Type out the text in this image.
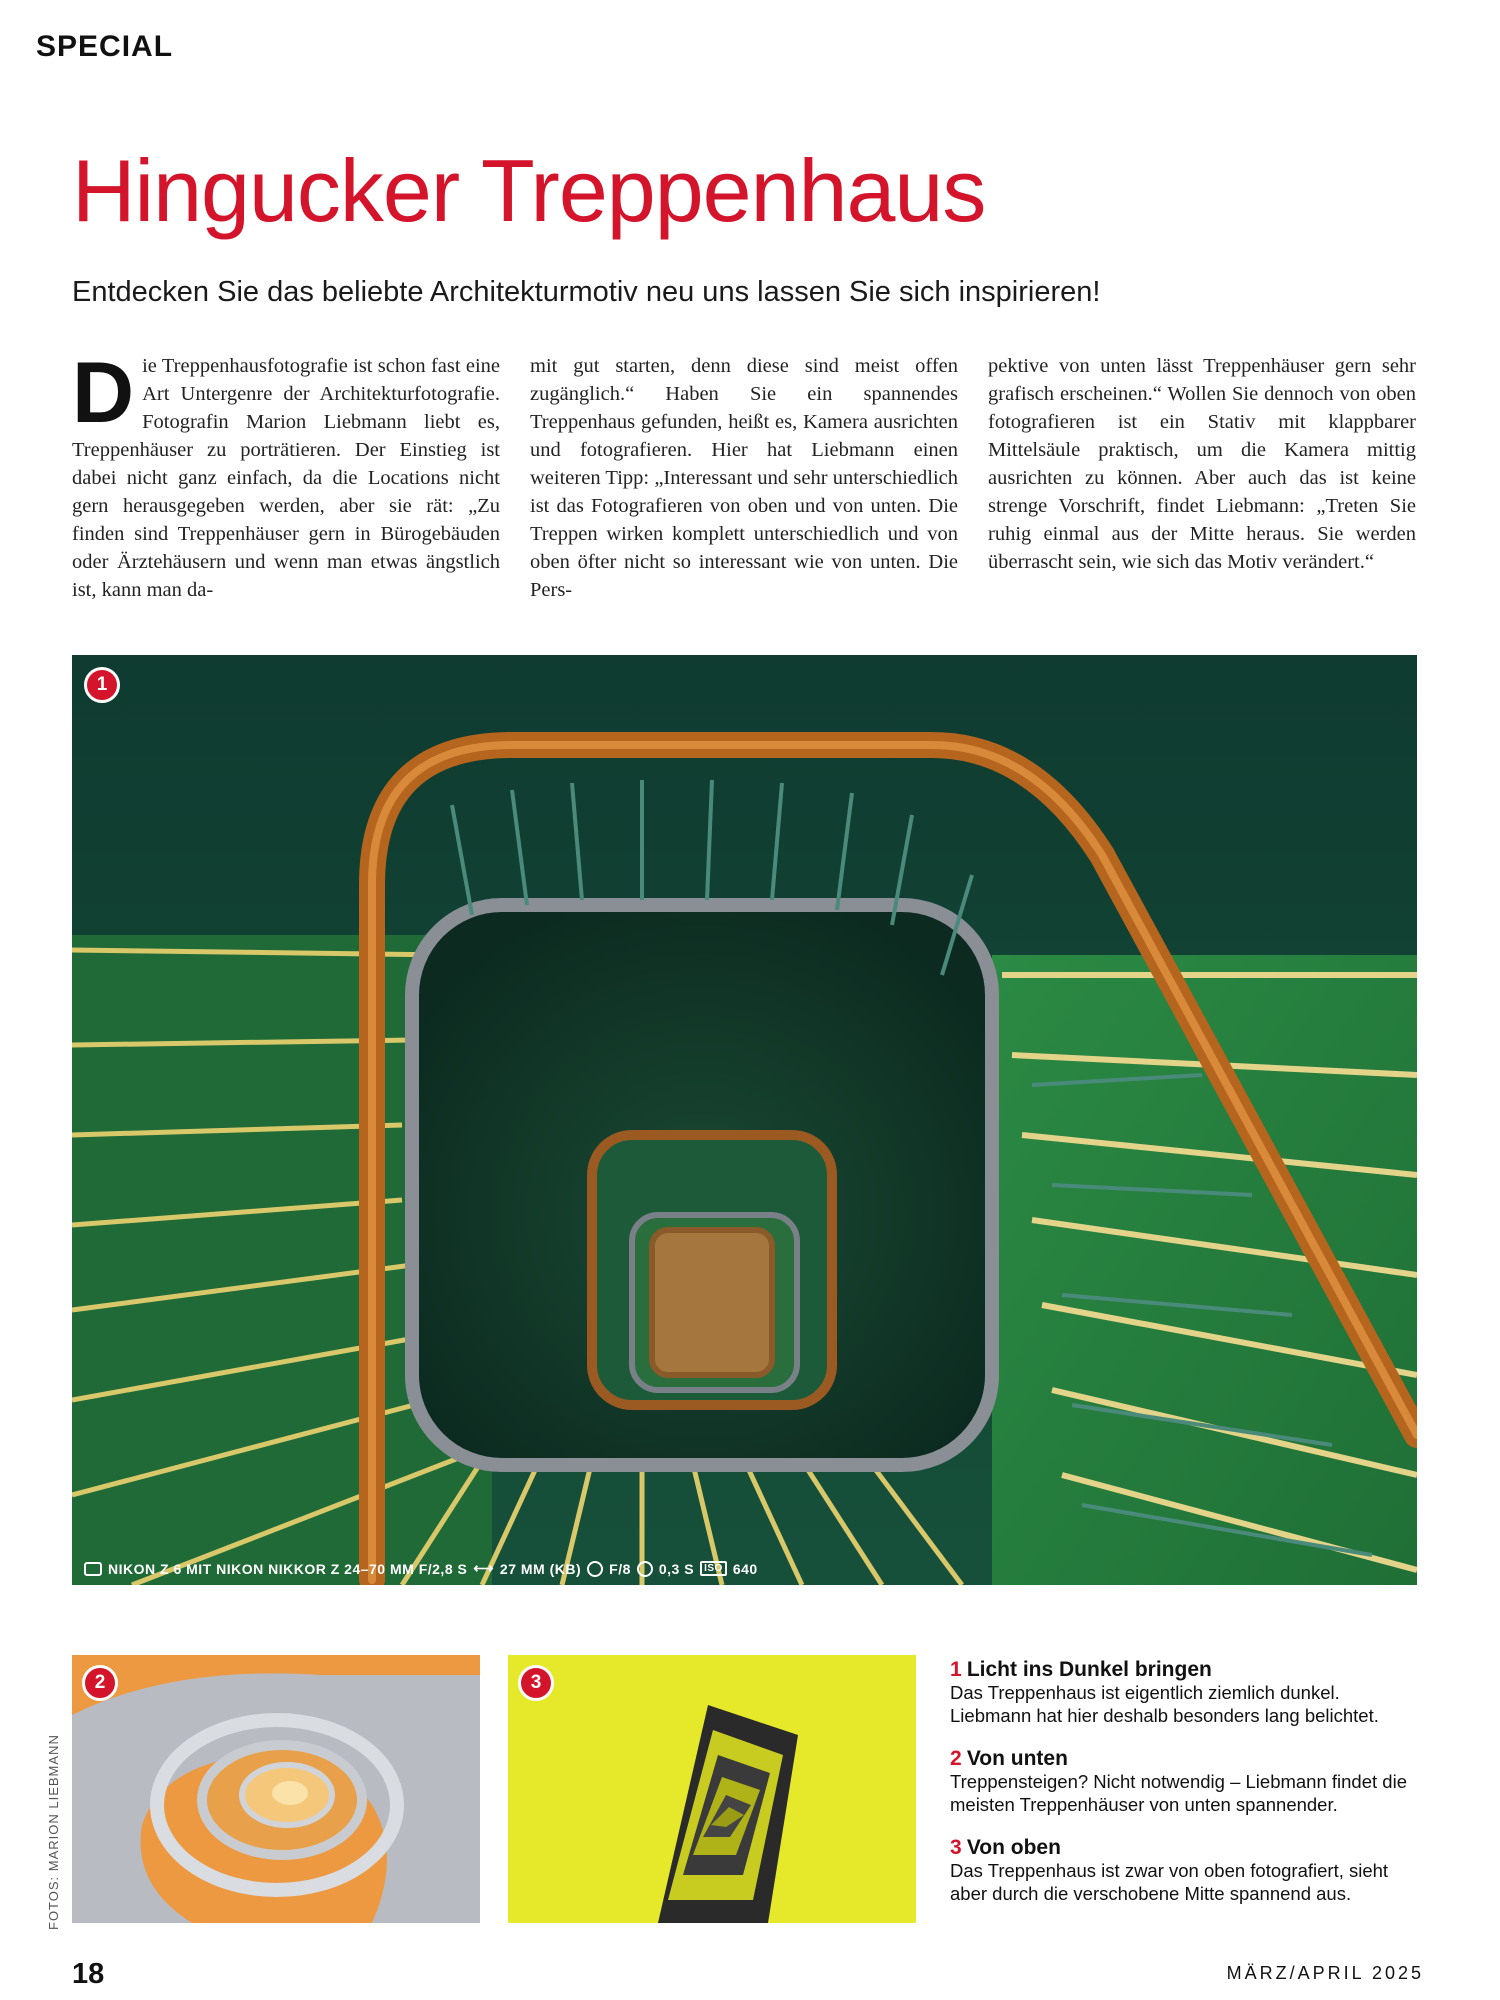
SPECIAL
Hingucker Treppenhaus

Entdecken Sie das beliebte Architekturmotiv neu uns lassen Sie sich inspirieren!

Die Treppenhausfotografie ist schon fast eine Art Untergenre der Architekturfotografie. Fotografin Marion Liebmann liebt es, Treppenhäuser zu porträtieren. Der Einstieg ist dabei nicht ganz einfach, da die Locations nicht gern herausgegeben werden, aber sie rät: „Zu finden sind Treppenhäuser gern in Bürogebäuden oder Ärztehäusern und wenn man etwas ängstlich ist, kann man da-

mit gut starten, denn diese sind meist offen zugänglich.“ Haben Sie ein spannendes Treppenhaus gefunden, heißt es, Kamera ausrichten und fotografieren. Hier hat Liebmann einen weiteren Tipp: „Interessant und sehr unterschiedlich ist das Fotografieren von oben und von unten. Die Treppen wirken komplett unterschiedlich und von oben öfter nicht so interessant wie von unten. Die Pers-

pektive von unten lässt Treppenhäuser gern sehr grafisch erscheinen.“ Wollen Sie dennoch von oben fotografieren ist ein Stativ mit klappbarer Mittelsäule praktisch, um die Kamera mittig ausrichten zu können. Aber auch das ist keine strenge Vorschrift, findet Liebmann: „Treten Sie ruhig einmal aus der Mitte heraus. Sie werden überrascht sein, wie sich das Motiv verändert.“

1
NIKON Z 6 MIT NIKON NIKKOR Z 24–70 MM F/2,8 S ⟷ 27 MM (KB) F/8 0,3 S	ISO 640
2	3
FOTOS: MARION LIEBMANN
1 Licht ins Dunkel bringen
Das Treppenhaus ist eigentlich ziemlich dunkel. Liebmann hat hier deshalb besonders lang belichtet.
2 Von unten
Treppensteigen? Nicht notwendig – Liebmann findet die meisten Treppenhäuser von unten spannender.
3 Von oben
Das Treppenhaus ist zwar von oben fotografiert, sieht aber durch die verschobene Mitte spannend aus.
18	MÄRZ/APRIL 2025
